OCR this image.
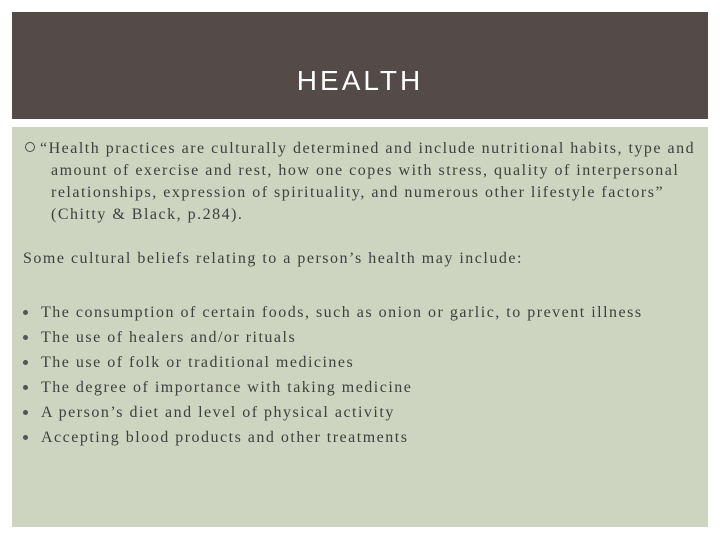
HEALTH

“Health practices are culturally determined and include nutritional habits, type and amount of exercise and rest, how one copes with stress, quality of interpersonal relationships, expression of spirituality, and numerous other lifestyle factors” (Chitty & Black, p.284).

Some cultural beliefs relating to a person’s health may include:

The consumption of certain foods, such as onion or garlic, to prevent illness
The use of healers and/or rituals
The use of folk or traditional medicines
The degree of importance with taking medicine
A person’s diet and level of physical activity
Accepting blood products and other treatments
